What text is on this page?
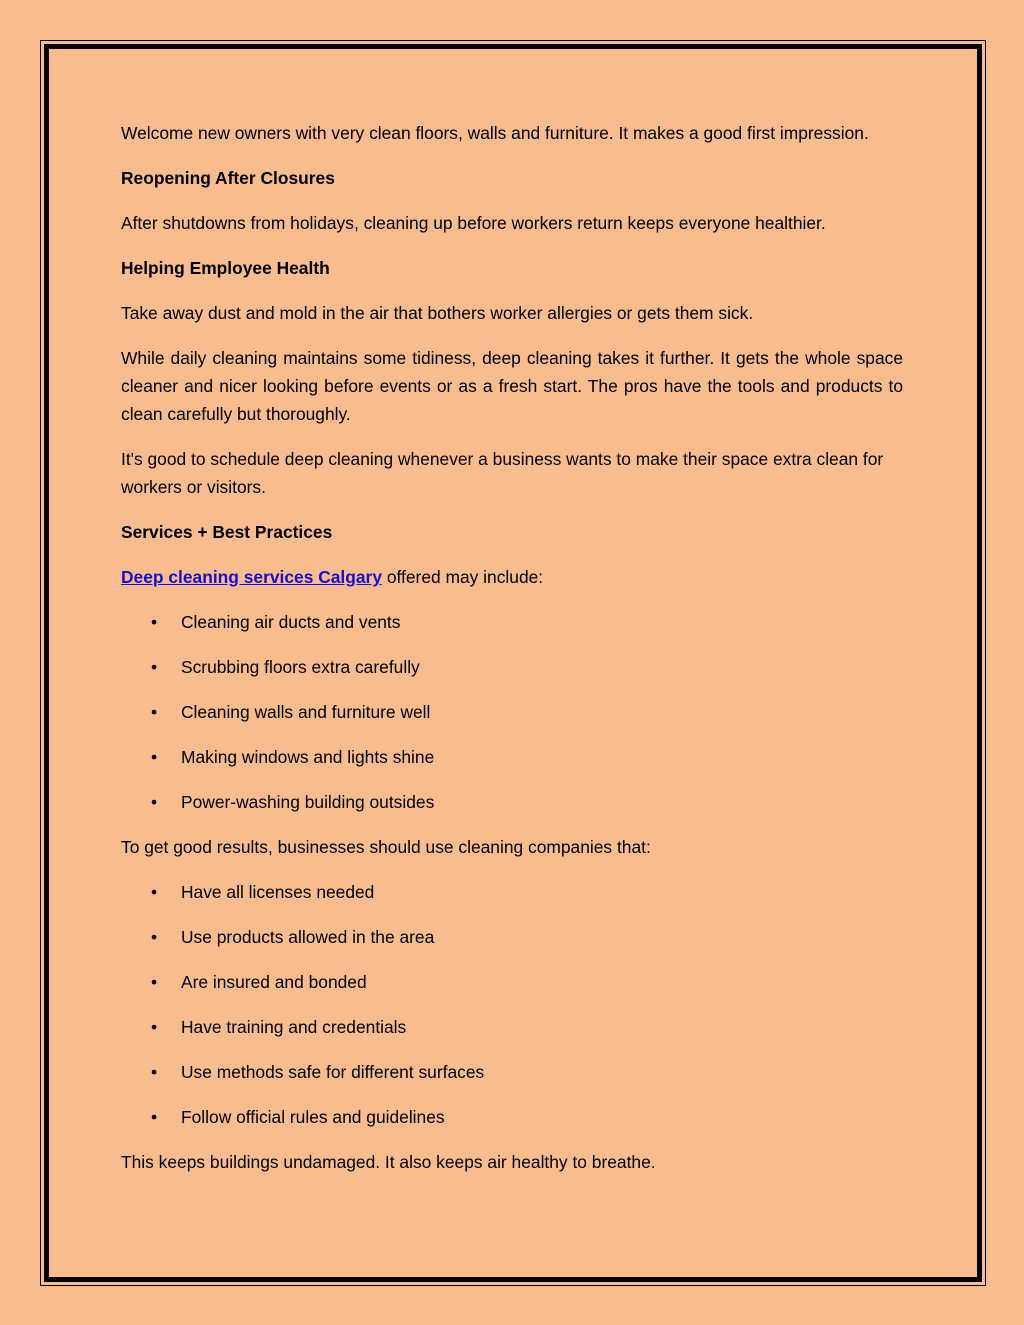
Welcome new owners with very clean floors, walls and furniture. It makes a good first impression.

Reopening After Closures

After shutdowns from holidays, cleaning up before workers return keeps everyone healthier.

Helping Employee Health

Take away dust and mold in the air that bothers worker allergies or gets them sick.

While daily cleaning maintains some tidiness, deep cleaning takes it further. It gets the whole space cleaner and nicer looking before events or as a fresh start. The pros have the tools and products to clean carefully but thoroughly.

It's good to schedule deep cleaning whenever a business wants to make their space extra clean for workers or visitors.

Services + Best Practices

Deep cleaning services Calgary offered may include:

• Cleaning air ducts and vents
• Scrubbing floors extra carefully
• Cleaning walls and furniture well
• Making windows and lights shine
• Power-washing building outsides

To get good results, businesses should use cleaning companies that:

• Have all licenses needed
• Use products allowed in the area
• Are insured and bonded
• Have training and credentials
• Use methods safe for different surfaces
• Follow official rules and guidelines

This keeps buildings undamaged. It also keeps air healthy to breathe.
